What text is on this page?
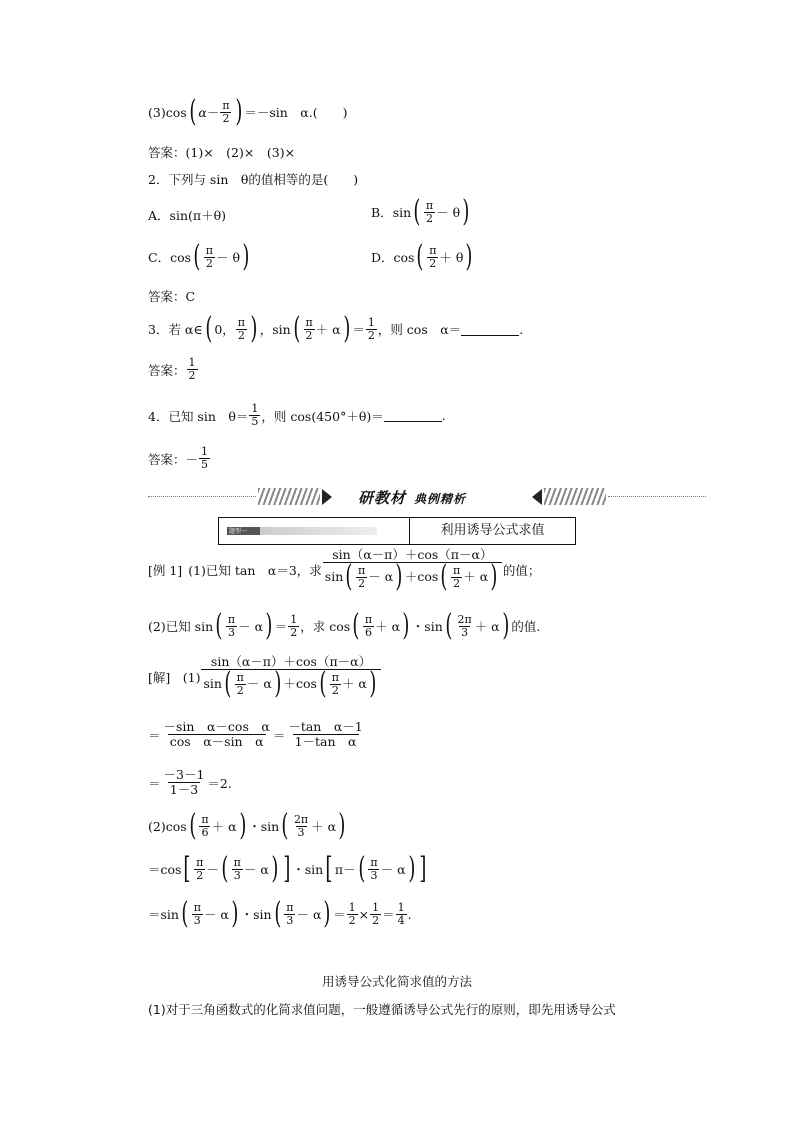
(3) cos ( $\alpha - \frac{\pi}{2}$ ) ＝－sin　α.(　　)
答案：(1)×　(2)×　(3)×
2．下列与 sin　θ的值相等的是(　　)
A．sin(π＋θ)	B．sin ( $\frac{\pi}{2} - \theta$ )
C．cos ( $\frac{\pi}{2} - \theta$ )	D．cos ( $\frac{\pi}{2} + \theta$ )
答案：C
3．若 α∈ ( 0， $\frac{\pi}{2}$ ) ，sin ( $\frac{\pi}{2} + \alpha$ ) ＝ $\frac{1}{2}$ ，则 cos　α＝	.
答案： $\frac{1}{2}$
4．已知 sin　$\theta= \frac{1}{5}$ ，则 cos(450°＋θ)＝	.
答案：－ $\frac{1}{5}$
研教材 典例精析
题型一	利用诱导公式求值
[例 1] (1)已知 tan　α＝3，求 $\frac{\sin(\alpha-\pi)+\cos(\pi-\alpha)}{\sin ( \frac{\pi}{2} - \alpha ) +\cos ( \frac{\pi}{2} + \alpha )}$ 的值；
(2)已知 sin ( $\frac{\pi}{3} - \alpha$ ) ＝ $\frac{1}{2}$ ，求 cos ( $\frac{\pi}{6} + \alpha$ ) ・sin ( $\frac{2\pi}{3} + \alpha$ ) 的值.
[解]　$(1) \frac{\sin(\alpha-\pi)+\cos(\pi-\alpha)}{\sin ( \frac{\pi}{2} - \alpha ) +\cos ( \frac{\pi}{2} + \alpha )}$
＝ $\frac{\text{－sin　α－cos　α}}{\text{cos　α－sin　α}} = \frac{\text{－tan　α－1}}{\text{1－tan　α}}$
＝ $\frac{-3-1}{1-3} =2$.
(2)cos ( $\frac{\pi}{6} + \alpha$ ) ・sin ( $\frac{2\pi}{3} + \alpha$ )
＝cos [ $\frac{\pi}{2}$ － ( $\frac{\pi}{3} - \alpha$ ) ] ・sin [ π－ ( $\frac{\pi}{3} - \alpha$ ) ]
＝sin ( $\frac{\pi}{3} - \alpha$ ) ・sin ( $\frac{\pi}{3} - \alpha$ ) ＝ $\frac{1}{2} \times \frac{1}{2} = \frac{1}{4}$ .
用诱导公式化简求值的方法
(1)对于三角函数式的化简求值问题，一般遵循诱导公式先行的原则，即先用诱导公式
